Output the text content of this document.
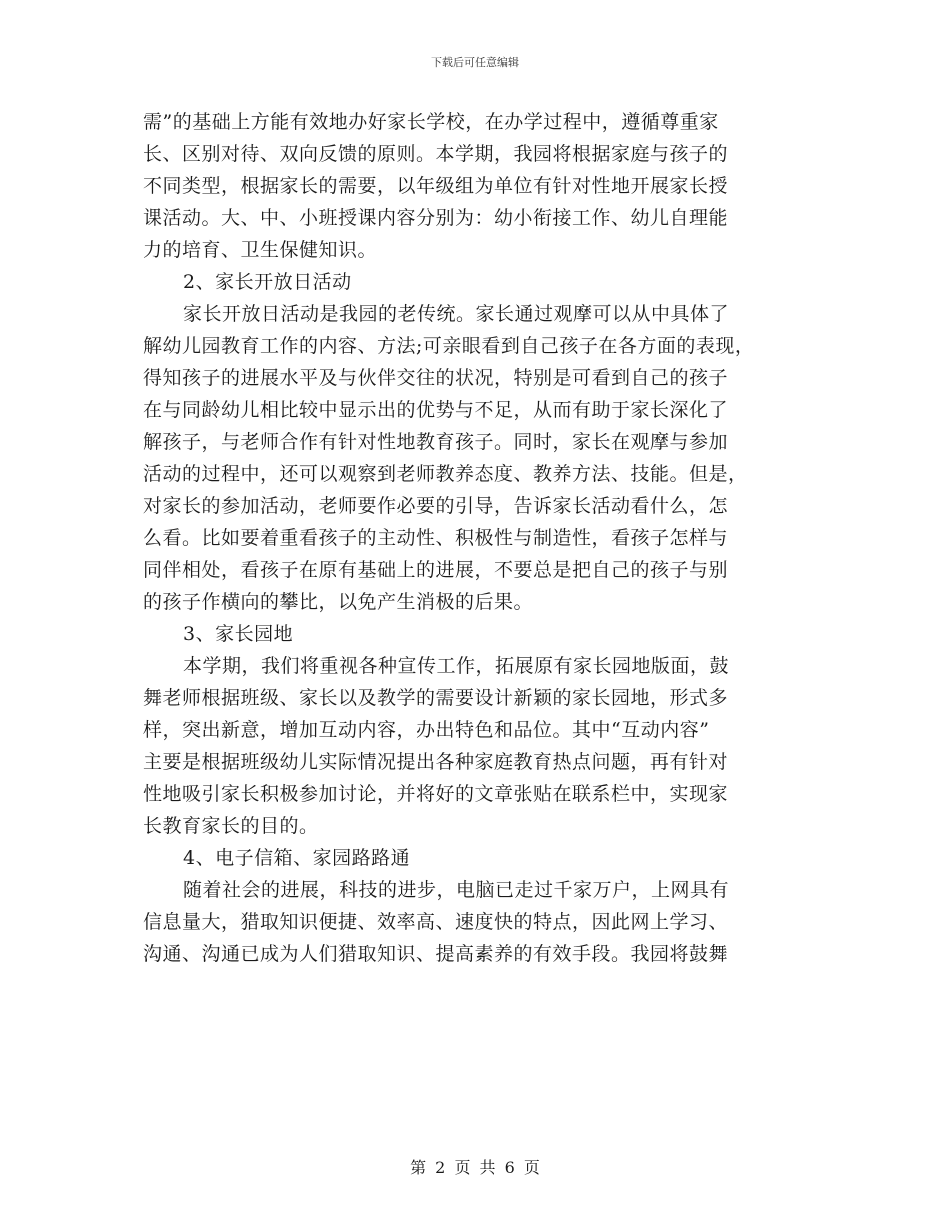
下载后可任意编辑
需”的基础上方能有效地办好家长学校，在办学过程中，遵循尊重家
长、区别对待、双向反馈的原则。本学期，我园将根据家庭与孩子的
不同类型，根据家长的需要，以年级组为单位有针对性地开展家长授
课活动。大、中、小班授课内容分别为：幼小衔接工作、幼儿自理能
力的培育、卫生保健知识。
2、家长开放日活动
家长开放日活动是我园的老传统。家长通过观摩可以从中具体了
解幼儿园教育工作的内容、方法;可亲眼看到自己孩子在各方面的表现，
得知孩子的进展水平及与伙伴交往的状况，特别是可看到自己的孩子
在与同龄幼儿相比较中显示出的优势与不足，从而有助于家长深化了
解孩子，与老师合作有针对性地教育孩子。同时，家长在观摩与参加
活动的过程中，还可以观察到老师教养态度、教养方法、技能。但是，
对家长的参加活动，老师要作必要的引导，告诉家长活动看什么，怎
么看。比如要着重看孩子的主动性、积极性与制造性，看孩子怎样与
同伴相处，看孩子在原有基础上的进展，不要总是把自己的孩子与别
的孩子作横向的攀比，以免产生消极的后果。
3、家长园地
本学期，我们将重视各种宣传工作，拓展原有家长园地版面，鼓
舞老师根据班级、家长以及教学的需要设计新颖的家长园地，形式多
样，突出新意，增加互动内容，办出特色和品位。其中“互动内容”
主要是根据班级幼儿实际情况提出各种家庭教育热点问题，再有针对
性地吸引家长积极参加讨论，并将好的文章张贴在联系栏中，实现家
长教育家长的目的。
4、电子信箱、家园路路通
随着社会的进展，科技的进步，电脑已走过千家万户，上网具有
信息量大，猎取知识便捷、效率高、速度快的特点，因此网上学习、
沟通、沟通已成为人们猎取知识、提高素养的有效手段。我园将鼓舞
第 2 页 共 6 页
